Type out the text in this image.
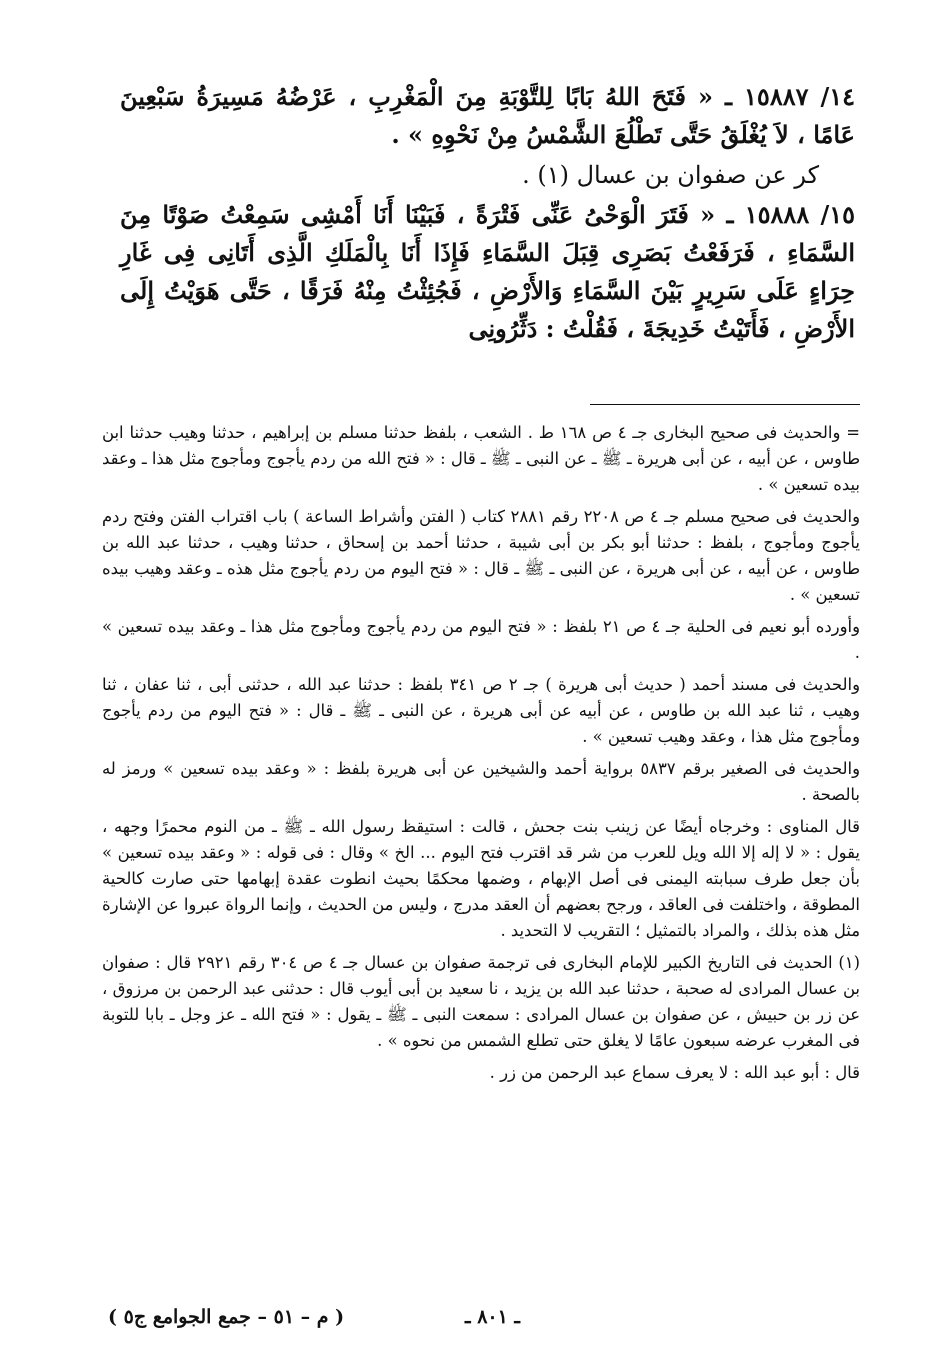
١٤/ ١٥٨٨٧ ـ « فَتَحَ اللهُ بَابًا لِلتَّوْبَةِ مِنَ الْمَغْرِبِ ، عَرْضُهُ مَسِيرَةُ سَبْعِينَ عَامًا ، لاَ يُغْلَقُ حَتَّى تَطْلُعَ الشَّمْسُ مِنْ نَحْوِهِ » .

كر عن صفوان بن عسال (١) .

١٥/ ١٥٨٨٨ ـ « فَتَرَ الْوَحْىُ عَنِّى فَتْرَةً ، فَبَيْنَا أَنَا أَمْشِى سَمِعْتُ صَوْتًا مِنَ السَّمَاءِ ، فَرَفَعْتُ بَصَرِى قِبَلَ السَّمَاءِ فَإِذَا أَنَا بِالْمَلَكِ الَّذِى أَتَانِى فِى غَارِ حِرَاءٍ عَلَى سَرِيرٍ بَيْنَ السَّمَاءِ وَالأَرْضِ ، فَجُئِثْتُ مِنْهُ فَرَقًا ، حَتَّى هَوَيْتُ إِلَى الأَرْضِ ، فَأَتَيْتُ خَدِيجَةَ ، فَقُلْتُ : دَثِّرُونِى

= والحديث فى صحيح البخارى جـ ٤ ص ١٦٨ ط . الشعب ، بلفظ حدثنا مسلم بن إبراهيم ، حدثنا وهيب حدثنا ابن طاوس ، عن أبيه ، عن أبى هريرة ـ ﷺ ـ عن النبى ـ ﷺ ـ قال : « فتح الله من ردم يأجوج ومأجوج مثل هذا ـ وعقد بيده تسعين » .

والحديث فى صحيح مسلم جـ ٤ ص ٢٢٠٨ رقم ٢٨٨١ كتاب ( الفتن وأشراط الساعة ) باب اقتراب الفتن وفتح ردم يأجوج ومأجوج ، بلفظ : حدثنا أبو بكر بن أبى شيبة ، حدثنا أحمد بن إسحاق ، حدثنا وهيب ، حدثنا عبد الله بن طاوس ، عن أبيه ، عن أبى هريرة ، عن النبى ـ ﷺ ـ قال : « فتح اليوم من ردم يأجوج مثل هذه ـ وعقد وهيب بيده تسعين » .

وأورده أبو نعيم فى الحلية جـ ٤ ص ٢١ بلفظ : « فتح اليوم من ردم يأجوج ومأجوج مثل هذا ـ وعقد بيده تسعين » .

والحديث فى مسند أحمد ( حديث أبى هريرة ) جـ ٢ ص ٣٤١ بلفظ : حدثنا عبد الله ، حدثنى أبى ، ثنا عفان ، ثنا وهيب ، ثنا عبد الله بن طاوس ، عن أبيه عن أبى هريرة ، عن النبى ـ ﷺ ـ قال : « فتح اليوم من ردم يأجوج ومأجوج مثل هذا ، وعقد وهيب تسعين » .

والحديث فى الصغير برقم ٥٨٣٧ برواية أحمد والشيخين عن أبى هريرة بلفظ : « وعقد بيده تسعين » ورمز له بالصحة .

قال المناوى : وخرجاه أيضًا عن زينب بنت جحش ، قالت : استيقظ رسول الله ـ ﷺ ـ من النوم محمرًا وجهه ، يقول : « لا إله إلا الله ويل للعرب من شر قد اقترب فتح اليوم ... الخ » وقال : فى قوله : « وعقد بيده تسعين » بأن جعل طرف سبابته اليمنى فى أصل الإبهام ، وضمها محكمًا بحيث انطوت عقدة إبهامها حتى صارت كالحية المطوقة ، واختلفت فى العاقد ، ورجح بعضهم أن العقد مدرج ، وليس من الحديث ، وإنما الرواة عبروا عن الإشارة مثل هذه بذلك ، والمراد بالتمثيل ؛ التقريب لا التحديد .

(١) الحديث فى التاريخ الكبير للإمام البخارى فى ترجمة صفوان بن عسال جـ ٤ ص ٣٠٤ رقم ٢٩٢١ قال : صفوان بن عسال المرادى له صحبة ، حدثنا عبد الله بن يزيد ، نا سعيد بن أبى أيوب قال : حدثنى عبد الرحمن بن مرزوق ، عن زر بن حبيش ، عن صفوان بن عسال المرادى : سمعت النبى ـ ﷺ ـ يقول : « فتح الله ـ عز وجل ـ بابا للتوبة فى المغرب عرضه سبعون عامًا لا يغلق حتى تطلع الشمس من نحوه » .

قال : أبو عبد الله : لا يعرف سماع عبد الرحمن من زر .

ـ ٨٠١ ـ
( م – ٥١ – جمع الجوامع ج٥ )
